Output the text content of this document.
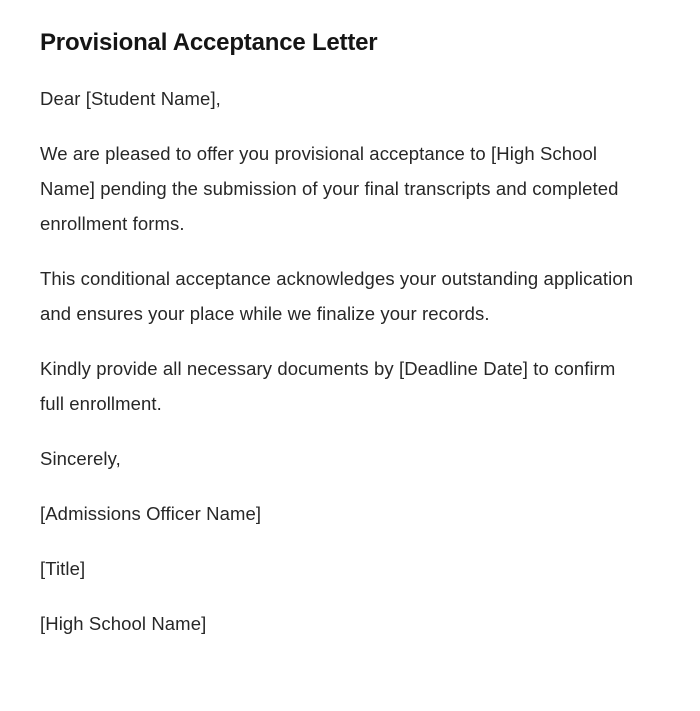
Provisional Acceptance Letter

Dear [Student Name],

We are pleased to offer you provisional acceptance to [High School Name] pending the submission of your final transcripts and completed enrollment forms.

This conditional acceptance acknowledges your outstanding application and ensures your place while we finalize your records.

Kindly provide all necessary documents by [Deadline Date] to confirm full enrollment.

Sincerely,

[Admissions Officer Name]

[Title]

[High School Name]
